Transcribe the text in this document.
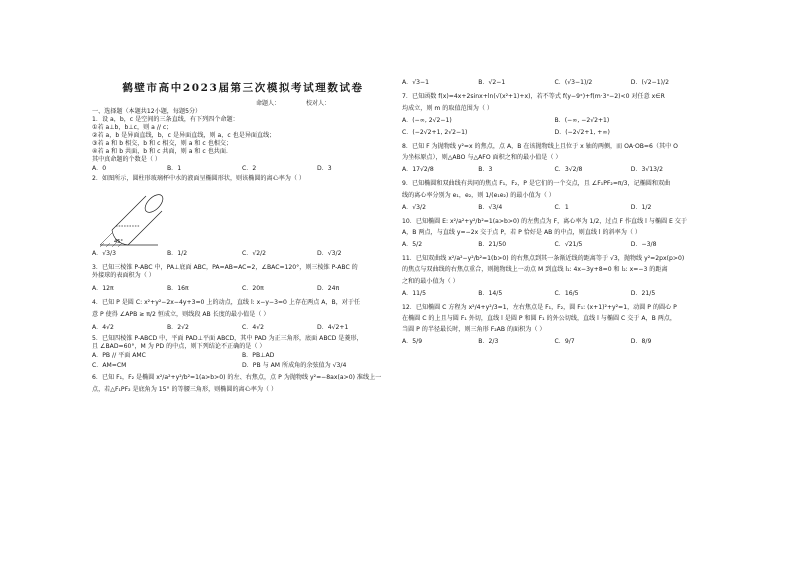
鹤壁市高中2023届第三次模拟考试理数试卷
命题人：	校对人：
一、选择题（本题共12小题，每题5分）
1．设 a，b，c 是空间的三条直线，有下列四个命题：
①若 a⊥b，b⊥c，则 a // c；
②若 a，b 是异面直线，b，c 是异面直线，则 a，c 也是异面直线；
③若 a 和 b 相交，b 和 c 相交，则 a 和 c 也相交；
④若 a 和 b 共面，b 和 c 共面，则 a 和 c 也共面．
其中真命题的个数是（ ）
A．0	B．1	C．2	D．3
2．如图所示，圆柱形玻璃杯中水的液面呈椭圆形状，则该椭圆的离心率为（ ）
45°
A．√3/3	B．1/2	C．√2/2	D．√3/2
3．已知三棱锥 P-ABC 中，PA⊥底面 ABC，PA=AB=AC=2，∠BAC=120°，则三棱锥 P-ABC 的
外接球的表面积为（ ）
A．12π	B．16π	C．20π	D．24π
4．已知 P 是圆 C: x²+y²−2x−4y+3=0 上的动点，直线 l: x−y−3=0 上存在两点 A，B，对于任
意 P 使得 ∠APB ≥ π/2 恒成立，则线段 AB 长度的最小值是（ ）
A．4√2	B．2√2	C．4√2	D．4√2+1
5．已知四棱锥 P-ABCD 中，平面 PAD⊥平面 ABCD，其中 PAD 为正三角形，底面 ABCD 是菱形，
且 ∠BAD=60°，M 为 PD 的中点，则下列结论不正确的是（ ）
A．PB // 平面 AMC	B．PB⊥AD
C．AM=CM	D．PB 与 AM 所成角的余弦值为 √3/4
6．已知 F₁，F₂ 是椭圆 x²/a²+y²/b²=1(a>b>0) 的左、右焦点，点 P 为抛物线 y²=−8ax(a>0) 准线上一
点，若△F₁PF₂ 是底角为 15° 的等腰三角形，则椭圆的离心率为（ ）
A．√3−1	B．√2−1	C．(√3−1)/2	D．(√2−1)/2
7．已知函数 f(x)=4x+2sinx+ln(√(x²+1)+x)，若不等式 f(y−9ˣ)+f(m·3ˣ−2)<0 对任意 x∈R
均成立，则 m 的取值范围为（ ）
A．(−∞, 2√2−1)	B．(−∞, −2√2+1)
C．(−2√2+1, 2√2−1)	D．(−2√2+1, +∞)
8．已知 F 为抛物线 y²=x 的焦点，点 A，B 在该抛物线上且位于 x 轴的两侧，而 OA·OB=6（其中 O
为坐标原点），则△ABO 与△AFO 面积之和的最小值是（ ）
A．17√2/8	B．3	C．3√2/8	D．3√13/2
9．已知椭圆和双曲线有共同的焦点 F₁，F₂，P 是它们的一个交点，且 ∠F₁PF₂=π/3，记椭圆和双曲
线的离心率分别为 e₁，e₂，则 1/(e₁e₂) 的最小值为（ ）
A．√3/2	B．√3/4	C．1	D．1/2
10．已知椭圆 E: x²/a²+y²/b²=1(a>b>0) 的左焦点为 F，离心率为 1/2，过点 F 作直线 l 与椭圆 E 交于
A，B 两点，与直线 y=−2x 交于点 P，若 P 恰好是 AB 的中点，则直线 l 的斜率为（ ）
A．5/2	B．21/50	C．√21/5	D．−3/8
11．已知双曲线 x²/a²−y²/b²=1(b>0) 的右焦点到其一条渐近线的距离等于 √3，抛物线 y²=2px(p>0)
的焦点与双曲线的右焦点重合，则抛物线上一动点 M 到直线 l₁: 4x−3y+8=0 和 l₂: x=−3 的距离
之和的最小值为（ ）
A．11/5	B．14/5	C．16/5	D．21/5
12．已知椭圆 C 方程为 x²/4+y²/3=1，左右焦点是 F₁，F₂，圆 F₁: (x+1)²+y²=1，动圆 P 的圆心 P
在椭圆 C 的上且与圆 F₁ 外切，直线 l 是圆 P 和圆 F₁ 的外公切线，直线 l 与椭圆 C 交于 A，B 两点，
当圆 P 的半径最长时，则三角形 F₂AB 的面积为（ ）
A．5/9	B．2/3	C．9/7	D．8/9
